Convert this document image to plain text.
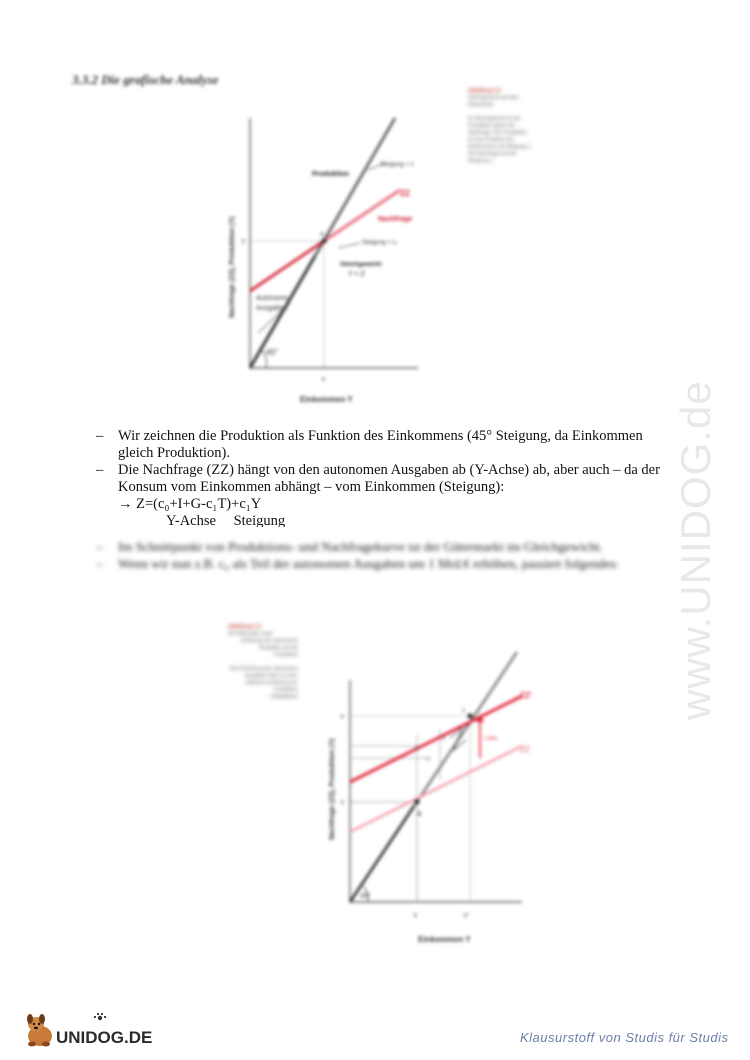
3.3.2 Die grafische Analyse
Nachfrage (ZZ), Produktion (Y)
Einkommen Y
Y
Y
45°
Autonome
Ausgaben
Produktion
Steigung = 1
Nachfrage
ZZ
Steigung = c₁
Gleichgewicht:
Y = Z
A
Abbildung 3.2
Gleichgewicht auf dem
Gütermarkt
Im Gleichgewicht ist die
Produktion gleich der
Nachfrage. Die Produktion
ist eine Funktion des
Einkommens mit Steigung 1.
Die Nachfrage hat die
Steigung c₁.

– Wir zeichnen die Produktion als Funktion des Einkommens (45° Steigung, da Einkommen gleich Produktion).

– Die Nachfrage (ZZ) hängt von den autonomen Ausgaben ab (Y-Achse) ab, aber auch – da der Konsum vom Einkommen abhängt – vom Einkommen (Steigung):

→ Z=(c₀+I+G-c₁T)+c₁Y
Y-Achse Steigung

– Im Schnittpunkt von Produktions- und Nachfragekurve ist der Gütermarkt im Gleichgewicht.

– Wenn wir nun z.B. c₀ als Teil der autonomen Ausgaben um 1 Mrd.€ erhöhen, passiert folgendes:

Abbildung 3.3
Die Wirkungen einer
Erhöhung der autonomen
Ausgaben auf die
Produktion
Eine Erhöhung der autonomen
Ausgaben führt zu einer
stärkeren Erhöhung der Produktion
→ Multiplikator
Nachfrage (ZZ), Produktion (Y)
Einkommen Y
Y	Y'
Y
Y'
45°
A
B
C
D
E
ZZ'
ZZ
1 Mrd.
www.UNIDOG.de
UNIDOG.DE	Klausurstoff von Studis für Studis
